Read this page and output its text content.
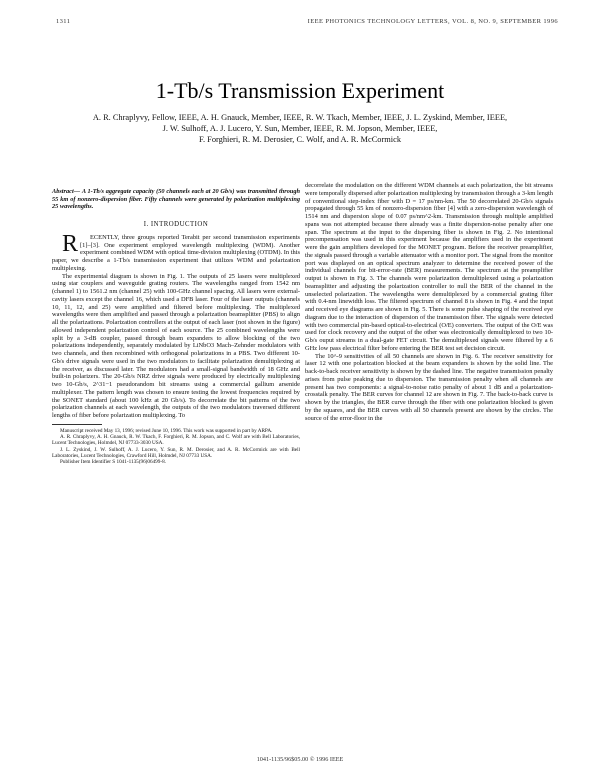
1311	IEEE PHOTONICS TECHNOLOGY LETTERS, VOL. 8, NO. 9, SEPTEMBER 1996
1-Tb/s Transmission Experiment
A. R. Chraplyvy, Fellow, IEEE, A. H. Gnauck, Member, IEEE, R. W. Tkach, Member, IEEE, J. L. Zyskind, Member, IEEE,
J. W. Sulhoff, A. J. Lucero, Y. Sun, Member, IEEE, R. M. Jopson, Member, IEEE,
F. Forghieri, R. M. Derosier, C. Wolf, and A. R. McCormick

Abstract— A 1-Tb/s aggregate capacity (50 channels each at 20 Gb/s) was transmitted through 55 km of nonzero-dispersion fiber. Fifty channels were generated by polarization multiplexing 25 wavelengths.

I. INTRODUCTION

RECENTLY, three groups reported Terabit per second transmission experiments [1]–[3]. One experiment employed wavelength multiplexing (WDM). Another experiment combined WDM with optical time-division multiplexing (OTDM). In this paper, we describe a 1-Tb/s transmission experiment that utilizes WDM and polarization multiplexing.

The experimental diagram is shown in Fig. 1. The outputs of 25 lasers were multiplexed using star couplers and waveguide grating routers. The wavelengths ranged from 1542 nm (channel 1) to 1561.2 nm (channel 25) with 100-GHz channel spacing. All lasers were external-cavity lasers except the channel 16, which used a DFB laser. Four of the laser outputs (channels 10, 11, 12, and 25) were amplified and filtered before multiplexing. The multiplexed wavelengths were then amplified and passed through a polarization beamsplitter (PBS) to align all the polarizations. Polarization controllers at the output of each laser (not shown in the figure) allowed independent polarization control of each source. The 25 combined wavelengths were split by a 3-dB coupler, passed through beam expanders to allow blocking of the two polarizations independently, separately modulated by LiNbO3 Mach–Zehnder modulators with two channels, and then recombined with orthogonal polarizations in a PBS. Two different 10-Gb/s drive signals were used in the two modulators to facilitate polarization demultiplexing at the receiver, as discussed later. The modulators had a small-signal bandwidth of 18 GHz and built-in polarizers. The 20-Gb/s NRZ drive signals were produced by electrically multiplexing two 10-Gb/s, 2^31−1 pseudorandom bit streams using a commercial gallium arsenide multiplexer. The pattern length was chosen to ensure testing the lowest frequencies required by the SONET standard (about 100 kHz at 20 Gb/s). To decorrelate the bit patterns of the two polarization channels at each wavelength, the outputs of the two modulators traversed different lengths of fiber before polarization multiplexing. To

Manuscript received May 13, 1996; revised June 10, 1996. This work was supported in part by ARPA.

A. R. Chraplyvy, A. H. Gnauck, R. W. Tkach, F. Forghieri, R. M. Jopson, and C. Wolf are with Bell Laboratories, Lucent Technologies, Holmdel, NJ 07733-3030 USA.

J. L. Zyskind, J. W. Sulhoff, A. J. Lucero, Y. Sun, R. M. Derosier, and A. R. McCormick are with Bell Laboratories, Lucent Technologies, Crawford Hill, Holmdel, NJ 07733 USA.

Publisher Item Identifier S 1041-1135(96)06499-8.

decorrelate the modulation on the different WDM channels at each polarization, the bit streams were temporally dispersed after polarization multiplexing by transmission through a 3-km length of conventional step-index fiber with D = 17 ps/nm-km. The 50 decorrelated 20-Gb/s signals propagated through 55 km of nonzero-dispersion fiber [4] with a zero-dispersion wavelength of 1514 nm and dispersion slope of 0.07 ps/nm^2-km. Transmission through multiple amplified spans was not attempted because there already was a finite dispersion-noise penalty after one span. The spectrum at the input to the dispersing fiber is shown in Fig. 2. No intentional precompensation was used in this experiment because the amplifiers used in the experiment were the gain amplifiers developed for the MONET program. Before the receiver preamplifier, the signals passed through a variable attenuator with a monitor port. The signal from the monitor port was displayed on an optical spectrum analyzer to determine the received power of the individual channels for bit-error-rate (BER) measurements. The spectrum at the preamplifier output is shown in Fig. 3. The channels were polarization demultiplexed using a polarization beamsplitter and adjusting the polarization controller to null the BER of the channel in the unselected polarization. The wavelengths were demultiplexed by a commercial grating filter with 0.4-nm linewidth loss. The filtered spectrum of channel 8 is shown in Fig. 4 and the input and received eye diagrams are shown in Fig. 5. There is some pulse shaping of the received eye diagram due to the interaction of dispersion of the transmission fiber. The signals were detected with two commercial pin-based optical-to-electrical (O/E) converters. The output of the O/E was used for clock recovery and the output of the other was electronically demultiplexed to two 10-Gb/s ouput streams in a dual-gate FET circuit. The demultiplexed signals were filtered by a 6 GHz low pass electrical filter before entering the BER test set decision circuit.

The 10^-9 sensitivities of all 50 channels are shown in Fig. 6. The receiver sensitivity for laser 12 with one polarization blocked at the beam expanders is shown by the solid line. The back-to-back receiver sensitivity is shown by the dashed line. The negative transmission penalty arises from pulse peaking due to dispersion. The transmission penalty when all channels are present has two components: a signal-to-noise ratio penalty of about 1 dB and a polarization-crosstalk penalty. The BER curves for channel 12 are shown in Fig. 7. The back-to-back curve is shown by the triangles, the BER curve through the fiber with one polarization blocked is given by the squares, and the BER curves with all 50 channels present are shown by the circles. The source of the error-floor in the

1041-1135/96$05.00 © 1996 IEEE
